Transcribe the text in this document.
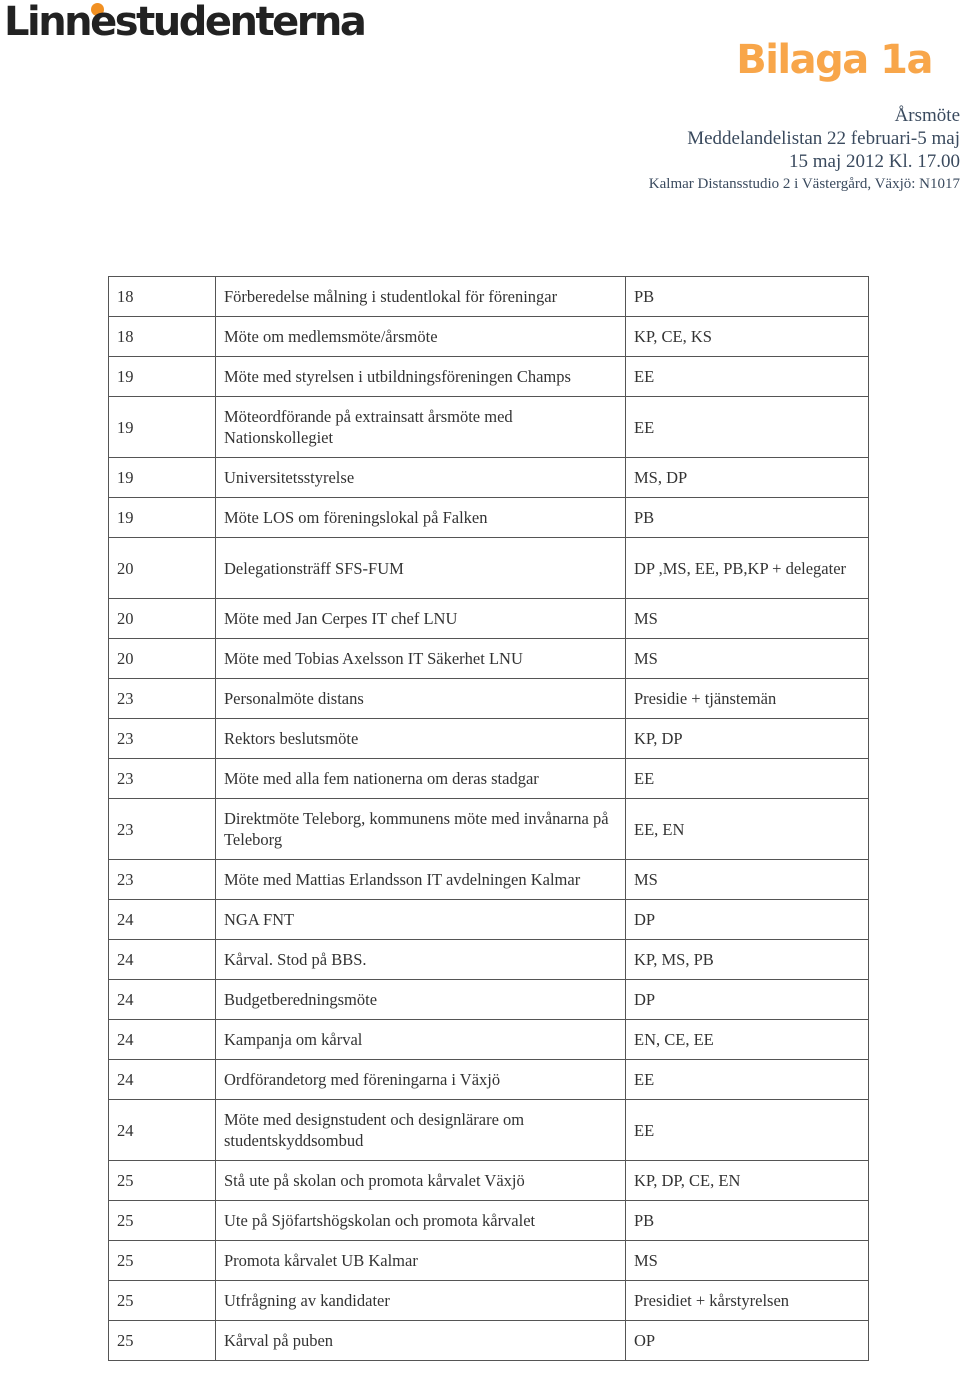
Linnestudenterna
Bilaga 1a
Årsmöte
Meddelandelistan 22 februari-5 maj
15 maj 2012 Kl. 17.00
Kalmar Distansstudio 2 i Västergård, Växjö: N1017
18	Förberedelse målning i studentlokal för föreningar	PB
18	Möte om medlemsmöte/årsmöte	KP, CE, KS
19	Möte med styrelsen i utbildningsföreningen Champs	EE
19	Möteordförande på extrainsatt årsmöte med Nationskollegiet	EE
19	Universitetsstyrelse	MS, DP
19	Möte LOS om föreningslokal på Falken	PB
20	Delegationsträff SFS-FUM	DP ,MS, EE, PB,KP + delegater
20	Möte med Jan Cerpes IT chef LNU	MS
20	Möte med Tobias Axelsson IT Säkerhet LNU	MS
23	Personalmöte distans	Presidie + tjänstemän
23	Rektors beslutsmöte	KP, DP
23	Möte med alla fem nationerna om deras stadgar	EE
23	Direktmöte Teleborg, kommunens möte med invånarna på Teleborg	EE, EN
23	Möte med Mattias Erlandsson IT avdelningen Kalmar	MS
24	NGA FNT	DP
24	Kårval. Stod på BBS.	KP, MS, PB
24	Budgetberedningsmöte	DP
24	Kampanja om kårval	EN, CE, EE
24	Ordförandetorg med föreningarna i Växjö	EE
24	Möte med designstudent och designlärare om studentskyddsombud	EE
25	Stå ute på skolan och promota kårvalet Växjö	KP, DP, CE, EN
25	Ute på Sjöfartshögskolan och promota kårvalet	PB
25	Promota kårvalet UB Kalmar	MS
25	Utfrågning av kandidater	Presidiet + kårstyrelsen
25	Kårval på puben	OP
